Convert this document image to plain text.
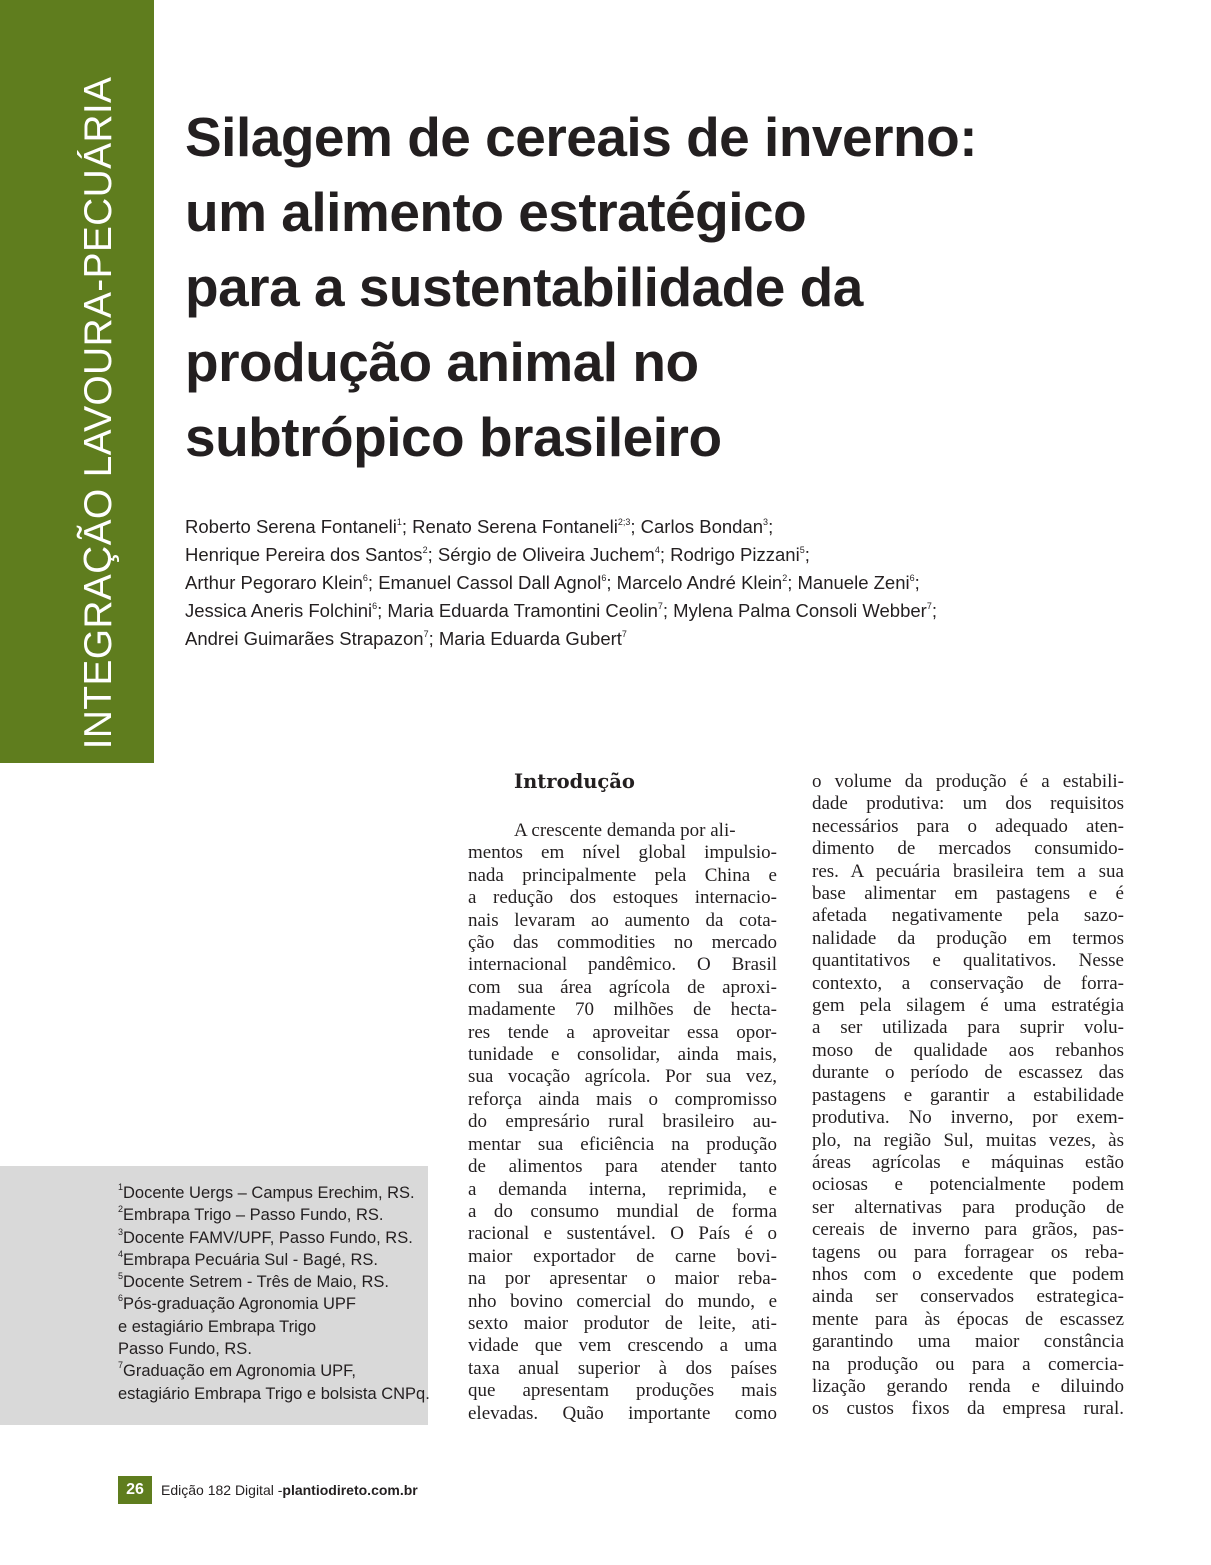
INTEGRAÇÃO LAVOURA-PECUÁRIA Silagem de cereais de inverno:
um alimento estratégico
para a sustentabilidade da
produção animal no
subtrópico brasileiro
Roberto Serena Fontaneli$^1$; Renato Serena Fontaneli$^{2;3}$; Carlos Bondan$^3$;
Henrique Pereira dos Santos$^2$; Sérgio de Oliveira Juchem$^4$; Rodrigo Pizzani$^5$;
Arthur Pegoraro Klein$^6$; Emanuel Cassol Dall Agnol$^6$; Marcelo André Klein$^2$; Manuele Zeni$^6$;
Jessica Aneris Folchini$^6$; Maria Eduarda Tramontini Ceolin$^7$; Mylena Palma Consoli Webber$^7$;
Andrei Guimarães Strapazon$^7$; Maria Eduarda Gubert$^7$
$^1$Docente Uergs – Campus Erechim, RS.
$^2$Embrapa Trigo – Passo Fundo, RS.
$^3$Docente FAMV/UPF, Passo Fundo, RS.
$^4$Embrapa Pecuária Sul - Bagé, RS.
$^5$Docente Setrem - Três de Maio, RS.
$^6$Pós-graduação Agronomia UPF
e estagiário Embrapa Trigo
Passo Fundo, RS.
$^7$Graduação em Agronomia UPF,
estagiário Embrapa Trigo e bolsista CNPq.
Introdução
A crescente demanda por ali-
mentos em nível global impulsio-
nada principalmente pela China e
a redução dos estoques internacio-
nais levaram ao aumento da cota-
ção das commodities no mercado
internacional pandêmico. O Brasil
com sua área agrícola de aproxi-
madamente 70 milhões de hecta-
res tende a aproveitar essa opor-
tunidade e consolidar, ainda mais,
sua vocação agrícola. Por sua vez,
reforça ainda mais o compromisso
do empresário rural brasileiro au-
mentar sua eficiência na produção
de alimentos para atender tanto
a demanda interna, reprimida, e
a do consumo mundial de forma
racional e sustentável. O País é o
maior exportador de carne bovi-
na por apresentar o maior reba-
nho bovino comercial do mundo, e
sexto maior produtor de leite, ati-
vidade que vem crescendo a uma
taxa anual superior à dos países
que apresentam produções mais
elevadas. Quão importante como
o volume da produção é a estabili-
dade produtiva: um dos requisitos
necessários para o adequado aten-
dimento de mercados consumido-
res. A pecuária brasileira tem a sua
base alimentar em pastagens e é
afetada negativamente pela sazo-
nalidade da produção em termos
quantitativos e qualitativos. Nesse
contexto, a conservação de forra-
gem pela silagem é uma estratégia
a ser utilizada para suprir volu-
moso de qualidade aos rebanhos
durante o período de escassez das
pastagens e garantir a estabilidade
produtiva. No inverno, por exem-
plo, na região Sul, muitas vezes, às
áreas agrícolas e máquinas estão
ociosas e potencialmente podem
ser alternativas para produção de
cereais de inverno para grãos, pas-
tagens ou para forragear os reba-
nhos com o excedente que podem
ainda ser conservados estrategica-
mente para às épocas de escassez
garantindo uma maior constância
na produção ou para a comercia-
lização gerando renda e diluindo
os custos fixos da empresa rural.
26	Edição 182 Digital - plantiodireto.com.br
